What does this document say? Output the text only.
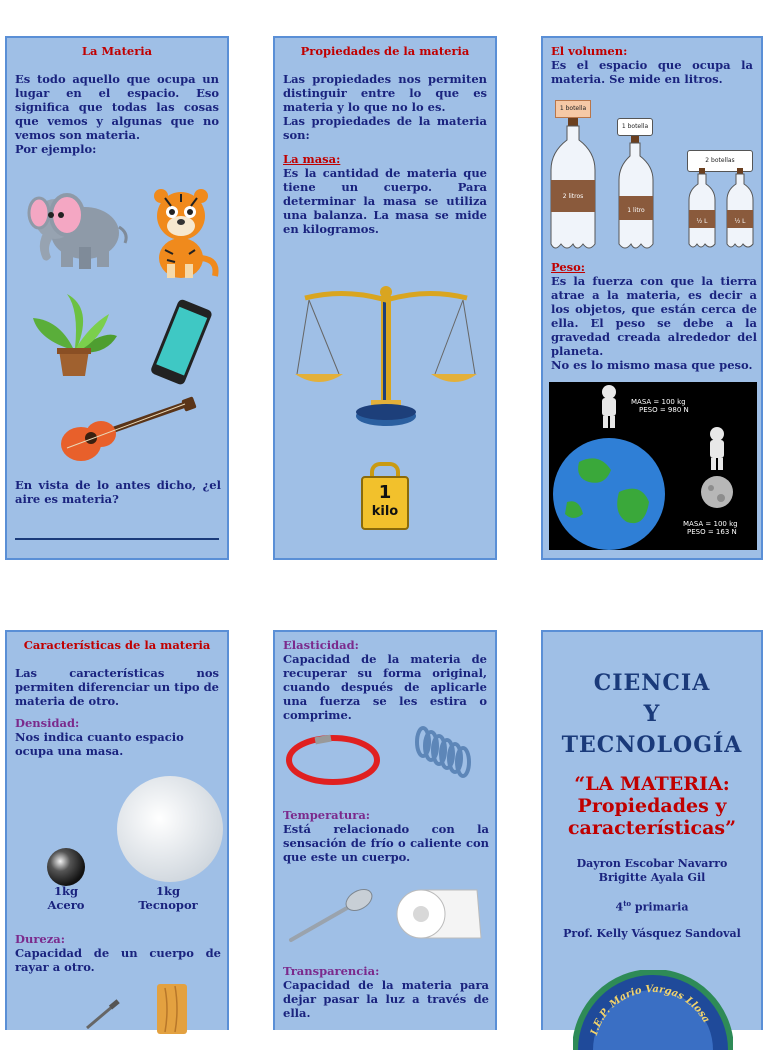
La Materia

Es todo aquello que ocupa un lugar en el espacio. Eso significa que todas las cosas que vemos y algunas que no vemos son materia.

Por ejemplo:

En vista de lo antes dicho, ¿el aire es materia?

Propiedades de la materia

Las propiedades nos permiten distinguir entre lo que es materia y lo que no lo es.

Las propiedades de la materia son:

La masa:

Es la cantidad de materia que tiene un cuerpo. Para determinar la masa se utiliza una balanza. La masa se mide en kilogramos.

1
kilo
El volumen:

Es el espacio que ocupa la materia. Se mide en litros.

1 botella
1 botella
2 botellas
2 litros
1 litro
½ L	½ L
Peso:

Es la fuerza con que la tierra atrae a la materia, es decir a los objetos, que están cerca de ella. El peso se debe a la gravedad creada alrededor del planeta.

No es lo mismo masa que peso.

MASA = 100 kg
PESO = 980 N
MASA = 100 kg
PESO = 163 N
Características de la materia

Las características nos permiten diferenciar un tipo de materia de otro.

Densidad:

Nos indica cuanto espacio ocupa una masa.

1kg
Acero
1kg
Tecnopor
Dureza:

Capacidad de un cuerpo de rayar a otro.

Elasticidad:

Capacidad de la materia de recuperar su forma original, cuando después de aplicarle una fuerza se les estira o comprime.

Temperatura:

Está relacionado con la sensación de frío o caliente con que este un cuerpo.

Transparencia:

Capacidad de la materia para dejar pasar la luz a través de ella.

CIENCIA
Y
TECNOLOGÍA
“LA MATERIA: Propiedades y características”
Dayron Escobar Navarro
Brigitte Ayala Gil
$4^{to}$ primaria
Prof. Kelly Vásquez Sandoval
I.E.P. Mario Vargas Llosa
